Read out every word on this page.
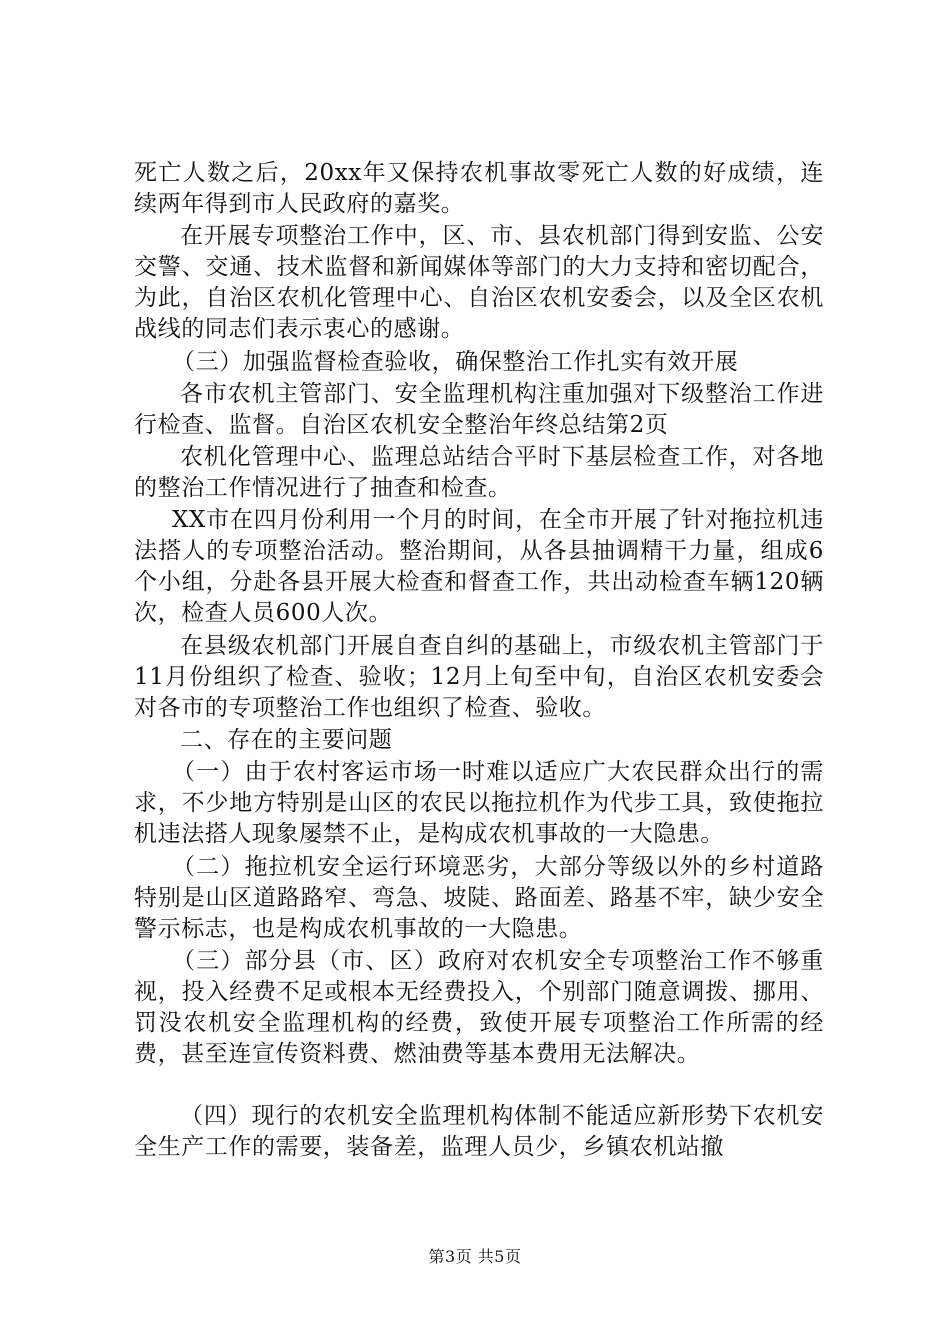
死亡人数之后，20xx年又保持农机事故零死亡人数的好成绩，连续两年得到市人民政府的嘉奖。

在开展专项整治工作中，区、市、县农机部门得到安监、公安交警、交通、技术监督和新闻媒体等部门的大力支持和密切配合，为此，自治区农机化管理中心、自治区农机安委会，以及全区农机战线的同志们表示衷心的感谢。

（三）加强监督检查验收，确保整治工作扎实有效开展

各市农机主管部门、安全监理机构注重加强对下级整治工作进行检查、监督。自治区农机安全整治年终总结第2页

农机化管理中心、监理总站结合平时下基层检查工作，对各地的整治工作情况进行了抽查和检查。

XX市在四月份利用一个月的时间，在全市开展了针对拖拉机违法搭人的专项整治活动。整治期间，从各县抽调精干力量，组成6个小组，分赴各县开展大检查和督查工作，共出动检查车辆120辆次，检查人员600人次。

在县级农机部门开展自查自纠的基础上，市级农机主管部门于11月份组织了检查、验收；12月上旬至中旬，自治区农机安委会对各市的专项整治工作也组织了检查、验收。

二、存在的主要问题

（一）由于农村客运市场一时难以适应广大农民群众出行的需求，不少地方特别是山区的农民以拖拉机作为代步工具，致使拖拉机违法搭人现象屡禁不止，是构成农机事故的一大隐患。

（二）拖拉机安全运行环境恶劣，大部分等级以外的乡村道路特别是山区道路路窄、弯急、坡陡、路面差、路基不牢，缺少安全警示标志，也是构成农机事故的一大隐患。

（三）部分县（市、区）政府对农机安全专项整治工作不够重视，投入经费不足或根本无经费投入，个别部门随意调拨、挪用、罚没农机安全监理机构的经费，致使开展专项整治工作所需的经费，甚至连宣传资料费、燃油费等基本费用无法解决。

（四）现行的农机安全监理机构体制不能适应新形势下农机安全生产工作的需要，装备差，监理人员少，乡镇农机站撤

第3页 共5页
